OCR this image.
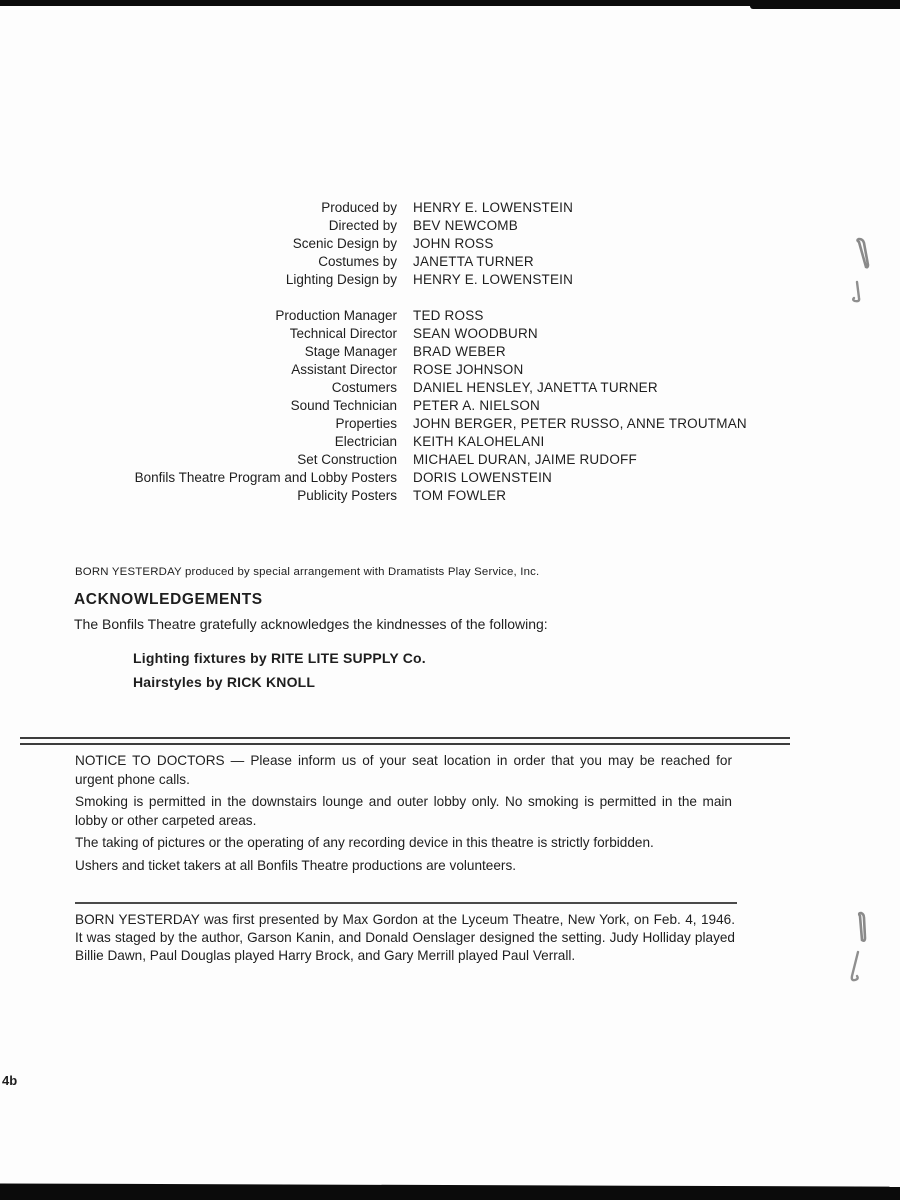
Produced by HENRY E. LOWENSTEIN
Directed by BEV NEWCOMB
Scenic Design by JOHN ROSS
Costumes by JANETTA TURNER
Lighting Design by HENRY E. LOWENSTEIN
Production Manager TED ROSS
Technical Director SEAN WOODBURN
Stage Manager BRAD WEBER
Assistant Director ROSE JOHNSON
Costumers DANIEL HENSLEY, JANETTA TURNER
Sound Technician PETER A. NIELSON
Properties JOHN BERGER, PETER RUSSO, ANNE TROUTMAN
Electrician KEITH KALOHELANI
Set Construction MICHAEL DURAN, JAIME RUDOFF
Bonfils Theatre Program and Lobby Posters DORIS LOWENSTEIN
Publicity Posters TOM FOWLER
BORN YESTERDAY produced by special arrangement with Dramatists Play Service, Inc.
ACKNOWLEDGEMENTS
The Bonfils Theatre gratefully acknowledges the kindnesses of the following:
Lighting fixtures by RITE LITE SUPPLY Co.
Hairstyles by RICK KNOLL

NOTICE TO DOCTORS — Please inform us of your seat location in order that you may be reached for urgent phone calls.

Smoking is permitted in the downstairs lounge and outer lobby only. No smoking is permitted in the main lobby or other carpeted areas.

The taking of pictures or the operating of any recording device in this theatre is strictly forbidden.

Ushers and ticket takers at all Bonfils Theatre productions are volunteers.

BORN YESTERDAY was first presented by Max Gordon at the Lyceum Theatre, New York, on Feb. 4, 1946. It was staged by the author, Garson Kanin, and Donald Oenslager designed the setting. Judy Holliday played Billie Dawn, Paul Douglas played Harry Brock, and Gary Merrill played Paul Verrall.
4b
